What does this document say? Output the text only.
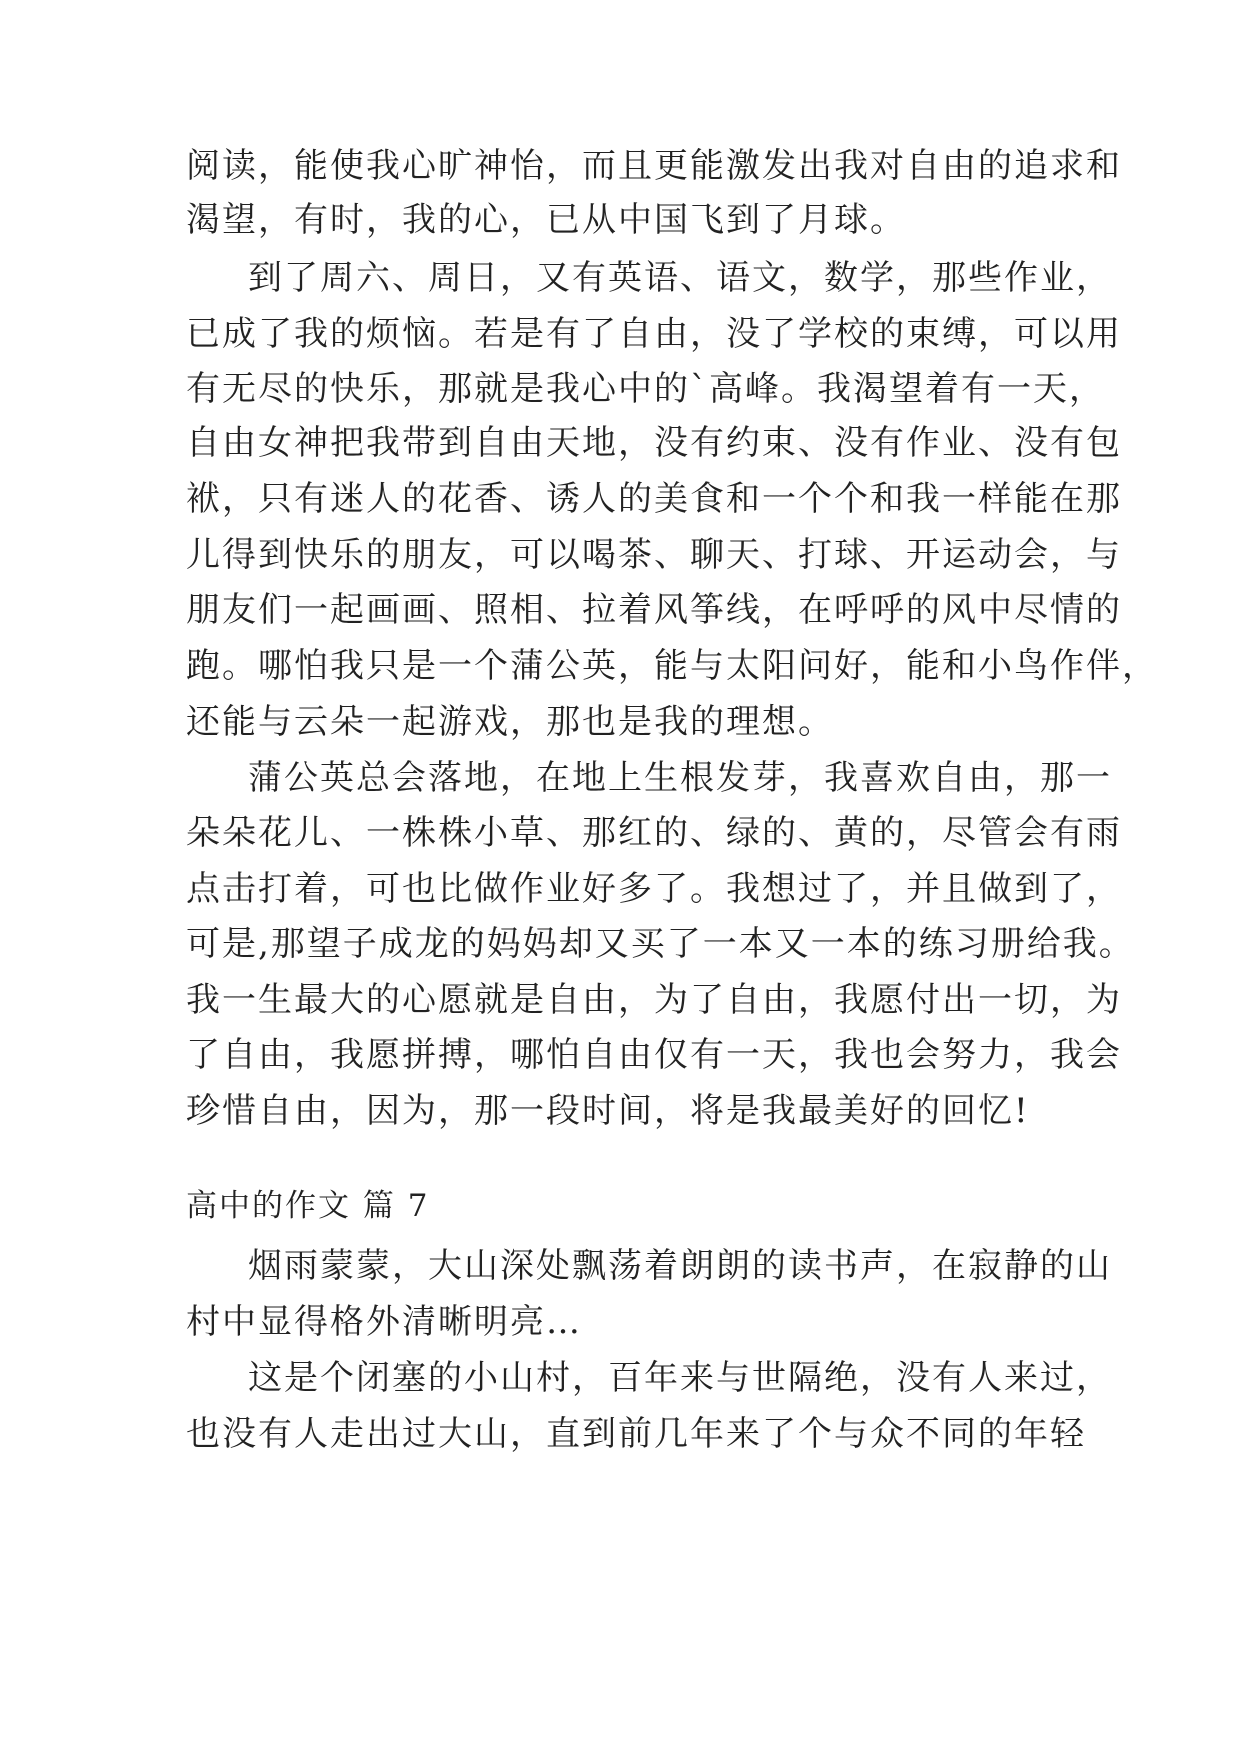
阅读，能使我心旷神怡，而且更能激发出我对自由的追求和
渴望，有时，我的心，已从中国飞到了月球。
到了周六、周日，又有英语、语文，数学，那些作业，
已成了我的烦恼。若是有了自由，没了学校的束缚，可以用
有无尽的快乐，那就是我心中的`高峰。我渴望着有一天，
自由女神把我带到自由天地，没有约束、没有作业、没有包
袱，只有迷人的花香、诱人的美食和一个个和我一样能在那
儿得到快乐的朋友，可以喝茶、聊天、打球、开运动会，与
朋友们一起画画、照相、拉着风筝线，在呼呼的风中尽情的
跑。哪怕我只是一个蒲公英，能与太阳问好，能和小鸟作伴，
还能与云朵一起游戏，那也是我的理想。
蒲公英总会落地，在地上生根发芽，我喜欢自由，那一
朵朵花儿、一株株小草、那红的、绿的、黄的，尽管会有雨
点击打着，可也比做作业好多了。我想过了，并且做到了，
可是,那望子成龙的妈妈却又买了一本又一本的练习册给我。
我一生最大的心愿就是自由，为了自由，我愿付出一切，为
了自由，我愿拼搏，哪怕自由仅有一天，我也会努力，我会
珍惜自由，因为，那一段时间，将是我最美好的回忆!
高中的作文 篇 7
烟雨蒙蒙，大山深处飘荡着朗朗的读书声，在寂静的山
村中显得格外清晰明亮…
这是个闭塞的小山村，百年来与世隔绝，没有人来过，
也没有人走出过大山，直到前几年来了个与众不同的年轻
